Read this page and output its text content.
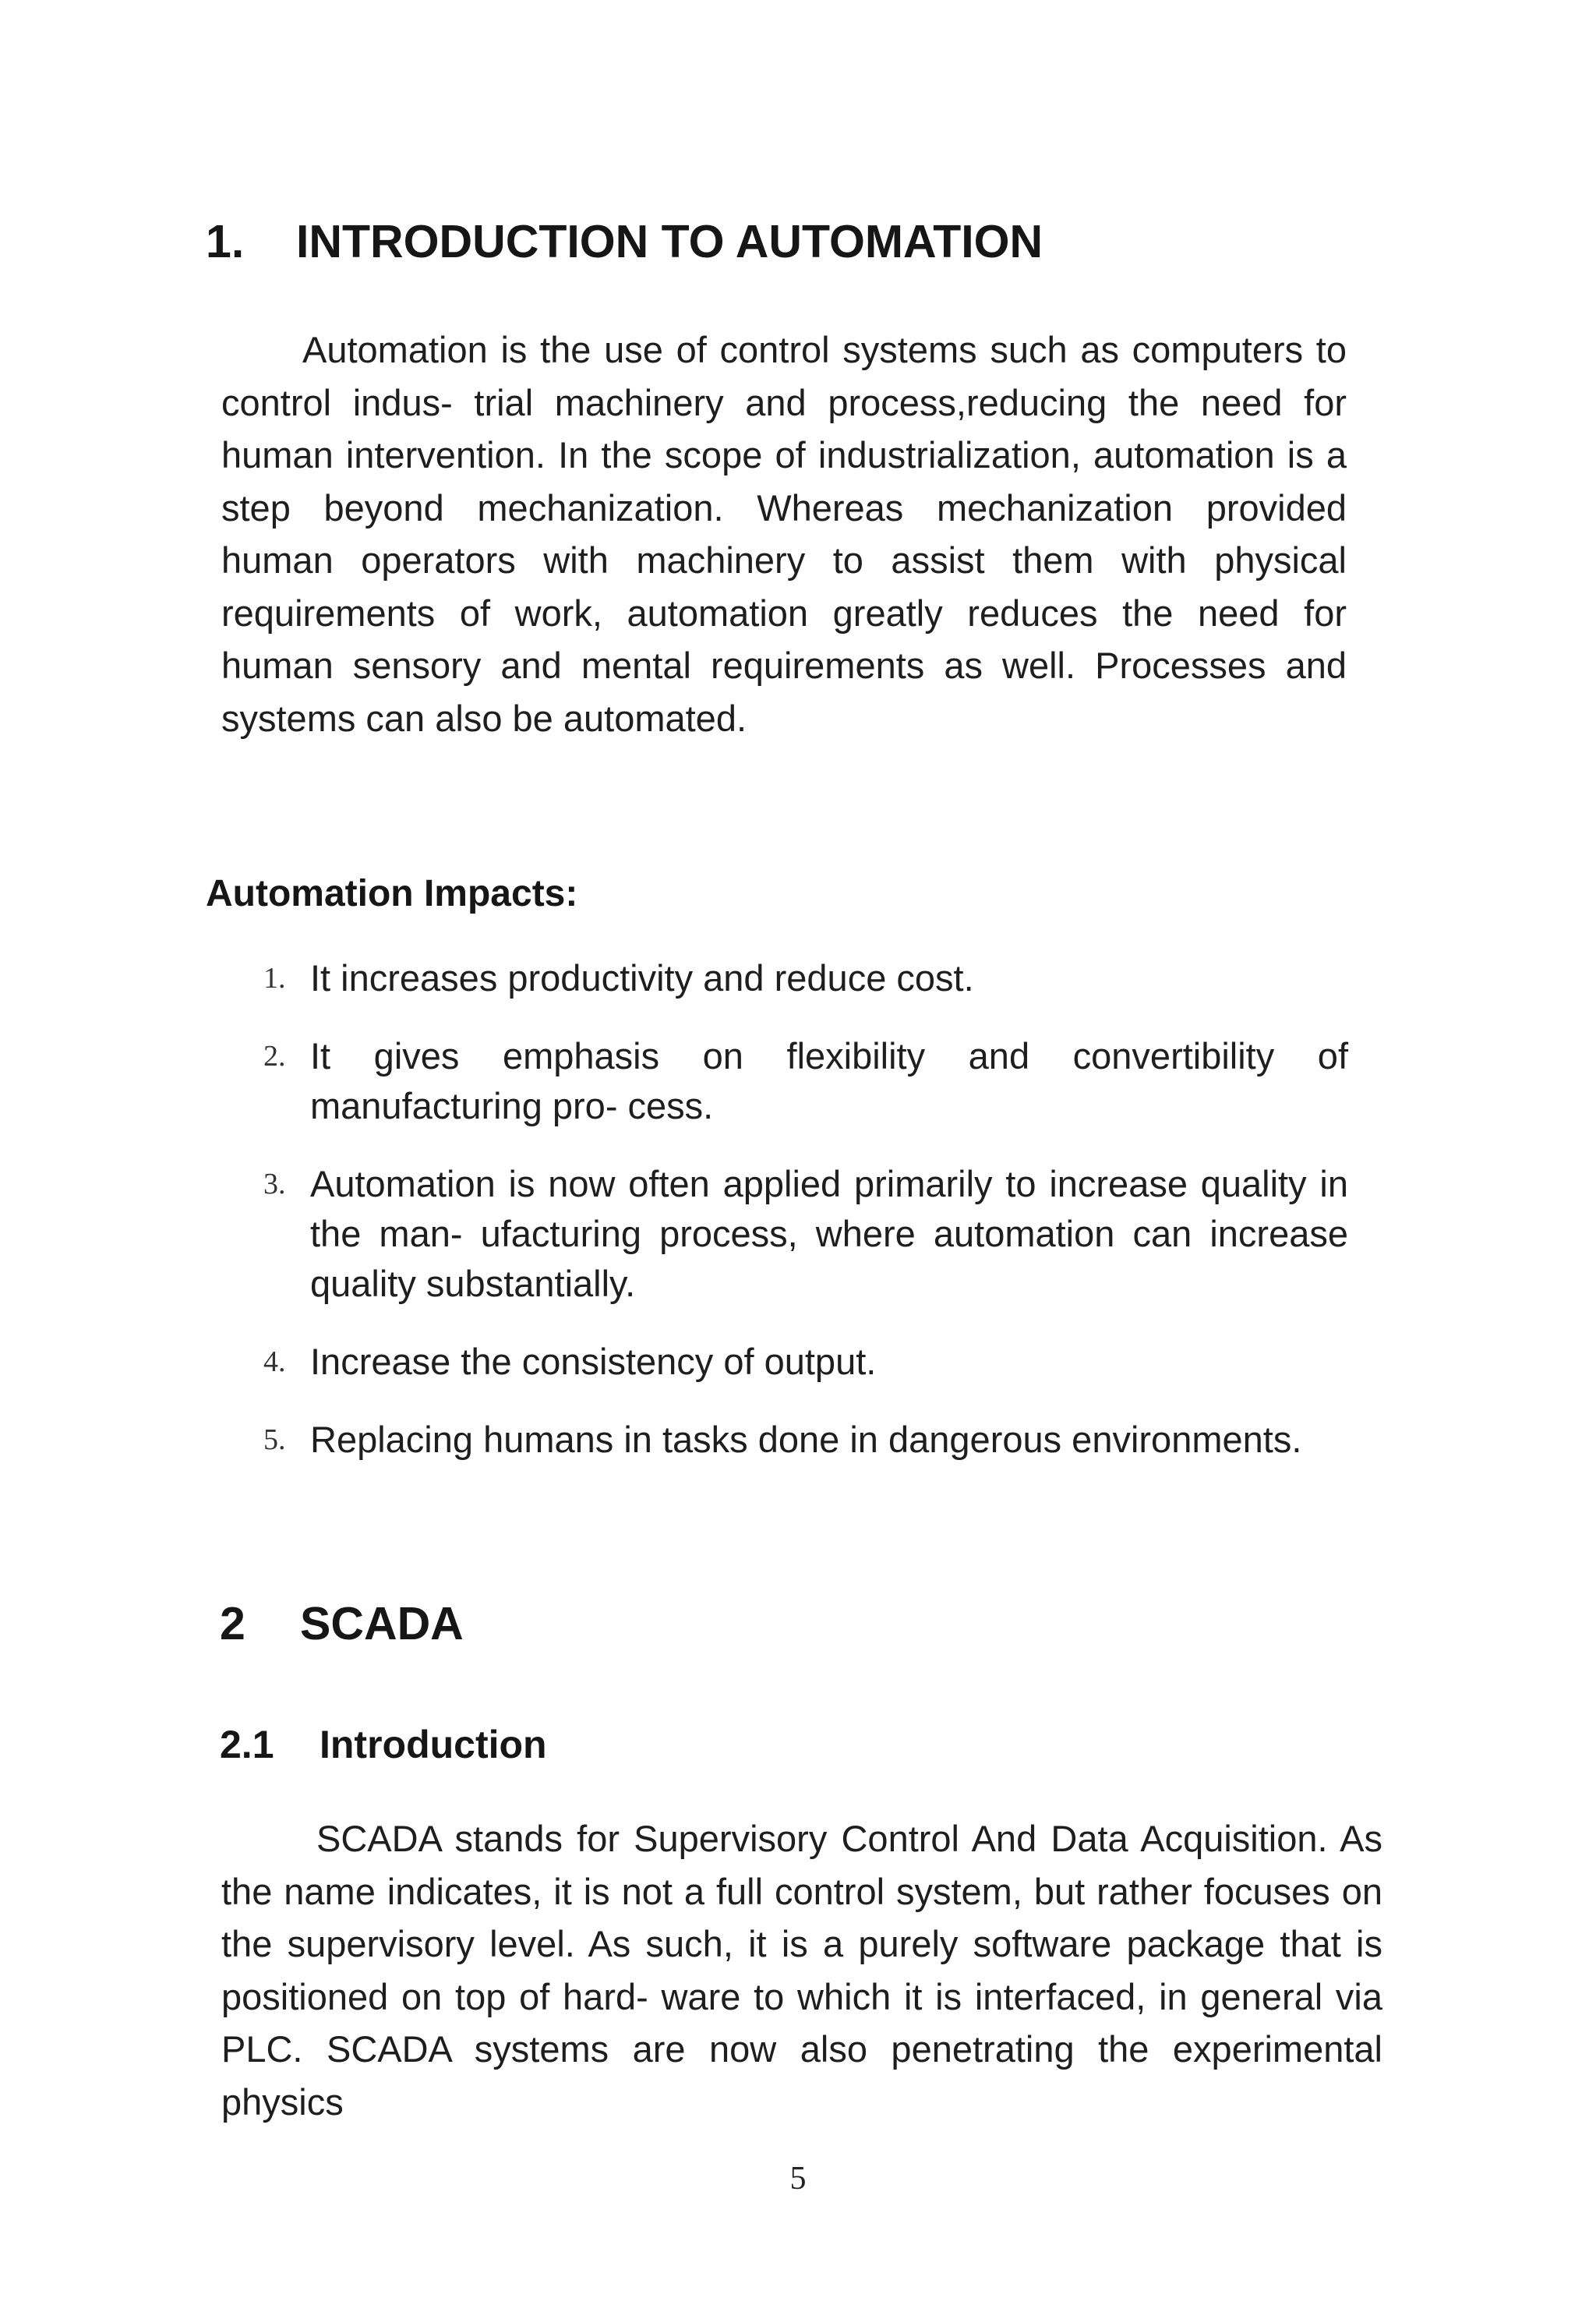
1. INTRODUCTION TO AUTOMATION

Automation is the use of control systems such as computers to control indus- trial machinery and process,reducing the need for human intervention. In the scope of industrialization, automation is a step beyond mechanization. Whereas mechanization provided human operators with machinery to assist them with physical requirements of work, automation greatly reduces the need for human sensory and mental requirements as well. Processes and systems can also be automated.

Automation Impacts:
1. It increases productivity and reduce cost.
2. It gives emphasis on flexibility and convertibility of manufacturing pro- cess.
3. Automation is now often applied primarily to increase quality in the man- ufacturing process, where automation can increase quality substantially.
4. Increase the consistency of output.
5. Replacing humans in tasks done in dangerous environments.
2 SCADA
2.1 Introduction

SCADA stands for Supervisory Control And Data Acquisition. As the name indicates, it is not a full control system, but rather focuses on the supervisory level. As such, it is a purely software package that is positioned on top of hard- ware to which it is interfaced, in general via PLC. SCADA systems are now also penetrating the experimental physics

5
